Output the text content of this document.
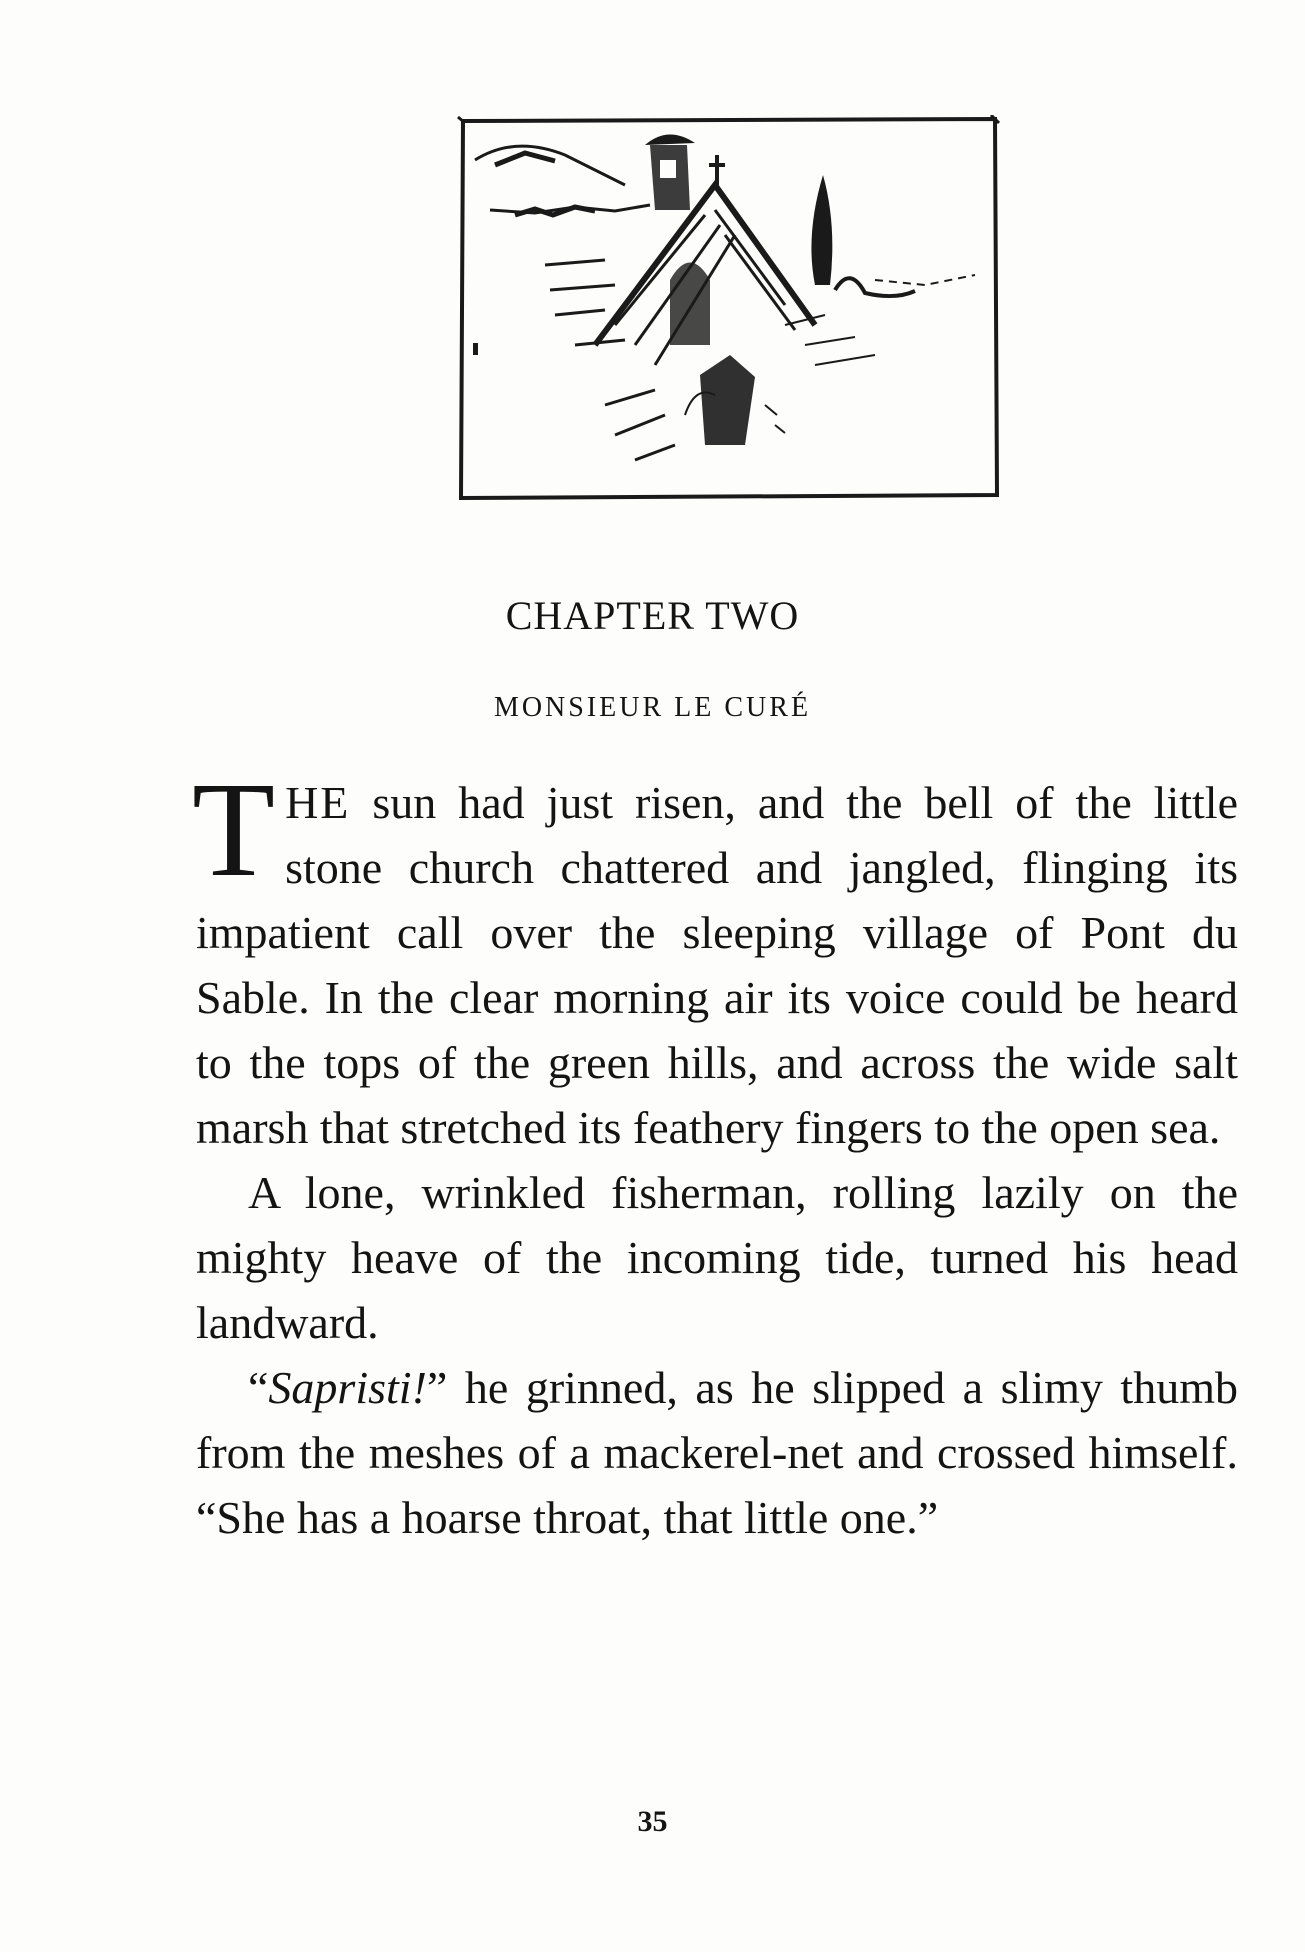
CHAPTER TWO
MONSIEUR LE CURÉ

THE sun had just risen, and the bell of the little stone church chattered and jangled, flinging its impatient call over the sleeping village of Pont du Sable. In the clear morning air its voice could be heard to the tops of the green hills, and across the wide salt marsh that stretched its feathery fingers to the open sea.

A lone, wrinkled fisherman, rolling lazily on the mighty heave of the incoming tide, turned his head landward.

“Sapristi!” he grinned, as he slipped a slimy thumb from the meshes of a mackerel-net and crossed himself. “She has a hoarse throat, that little one.”

35
